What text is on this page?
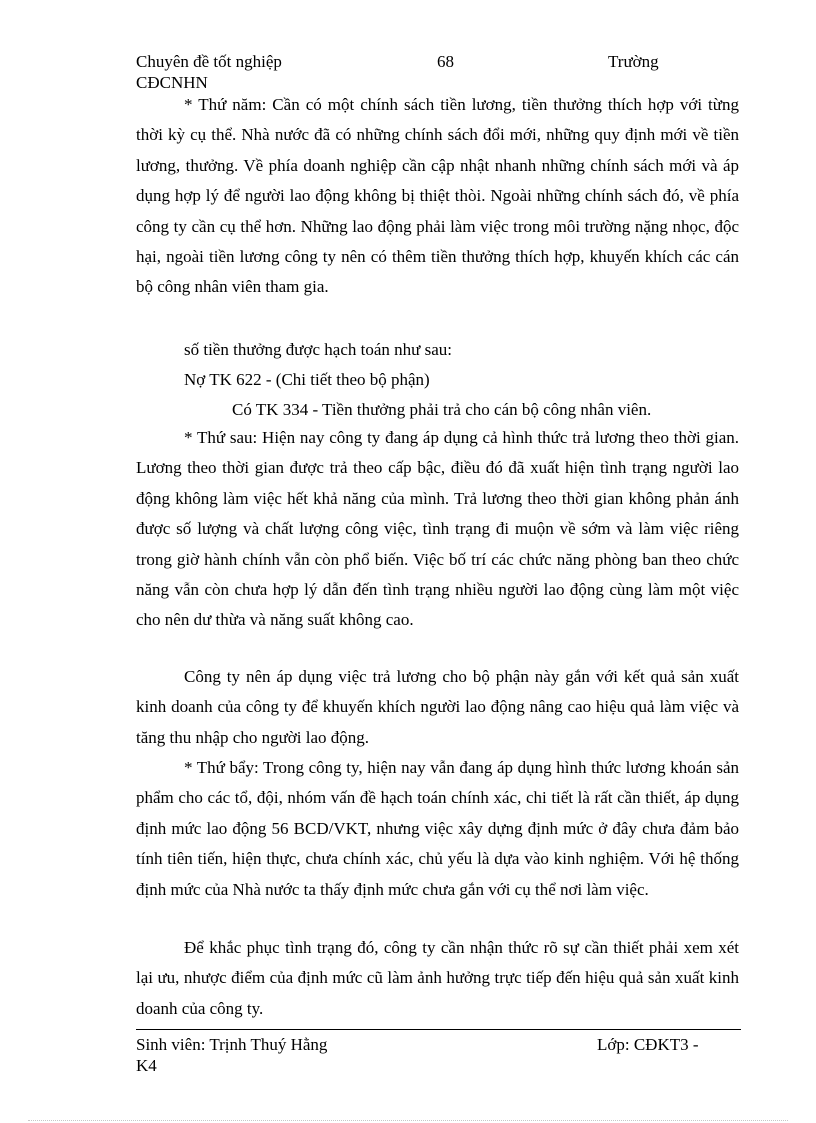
Chuyên đề tốt nghiệp	68	Trường
CĐCNHN

* Thứ năm: Cần có một chính sách tiền lương, tiền thưởng thích hợp với từng thời kỳ cụ thể. Nhà nước đã có những chính sách đổi mới, những quy định mới về tiền lương, thưởng. Về phía doanh nghiệp cần cập nhật nhanh những chính sách mới và áp dụng hợp lý để người lao động không bị thiệt thòi. Ngoài những chính sách đó, về phía công ty cần cụ thể hơn. Những lao động phải làm việc trong môi trường nặng nhọc, độc hại, ngoài tiền lương công ty nên có thêm tiền thưởng thích hợp, khuyến khích các cán bộ công nhân viên tham gia.

số tiền thưởng được hạch toán như sau:
Nợ TK 622 - (Chi tiết theo bộ phận)
Có TK 334 - Tiền thưởng phải trả cho cán bộ công nhân viên.

* Thứ sau: Hiện nay công ty đang áp dụng cả hình thức trả lương theo thời gian. Lương theo thời gian được trả theo cấp bậc, điều đó đã xuất hiện tình trạng người lao động không làm việc hết khả năng của mình. Trả lương theo thời gian không phản ánh được số lượng và chất lượng công việc, tình trạng đi muộn về sớm và làm việc riêng trong giờ hành chính vẫn còn phổ biến. Việc bố trí các chức năng phòng ban theo chức năng vẫn còn chưa hợp lý dẫn đến tình trạng nhiều người lao động cùng làm một việc cho nên dư thừa và năng suất không cao.

Công ty nên áp dụng việc trả lương cho bộ phận này gắn với kết quả sản xuất kinh doanh của công ty để khuyến khích người lao động nâng cao hiệu quả làm việc và tăng thu nhập cho người lao động.

* Thứ bẩy: Trong công ty, hiện nay vẫn đang áp dụng hình thức lương khoán sản phẩm cho các tổ, đội, nhóm vấn đề hạch toán chính xác, chi tiết là rất cần thiết, áp dụng định mức lao động 56 BCD/VKT, nhưng việc xây dựng định mức ở đây chưa đảm bảo tính tiên tiến, hiện thực, chưa chính xác, chủ yếu là dựa vào kinh nghiệm. Với hệ thống định mức của Nhà nước ta thấy định mức chưa gắn với cụ thể nơi làm việc.

Để khắc phục tình trạng đó, công ty cần nhận thức rõ sự cần thiết phải xem xét lại ưu, nhược điểm của định mức cũ làm ảnh hưởng trực tiếp đến hiệu quả sản xuất kinh doanh của công ty.

Sinh viên: Trịnh Thuý Hằng	Lớp: CĐKT3 -
K4
